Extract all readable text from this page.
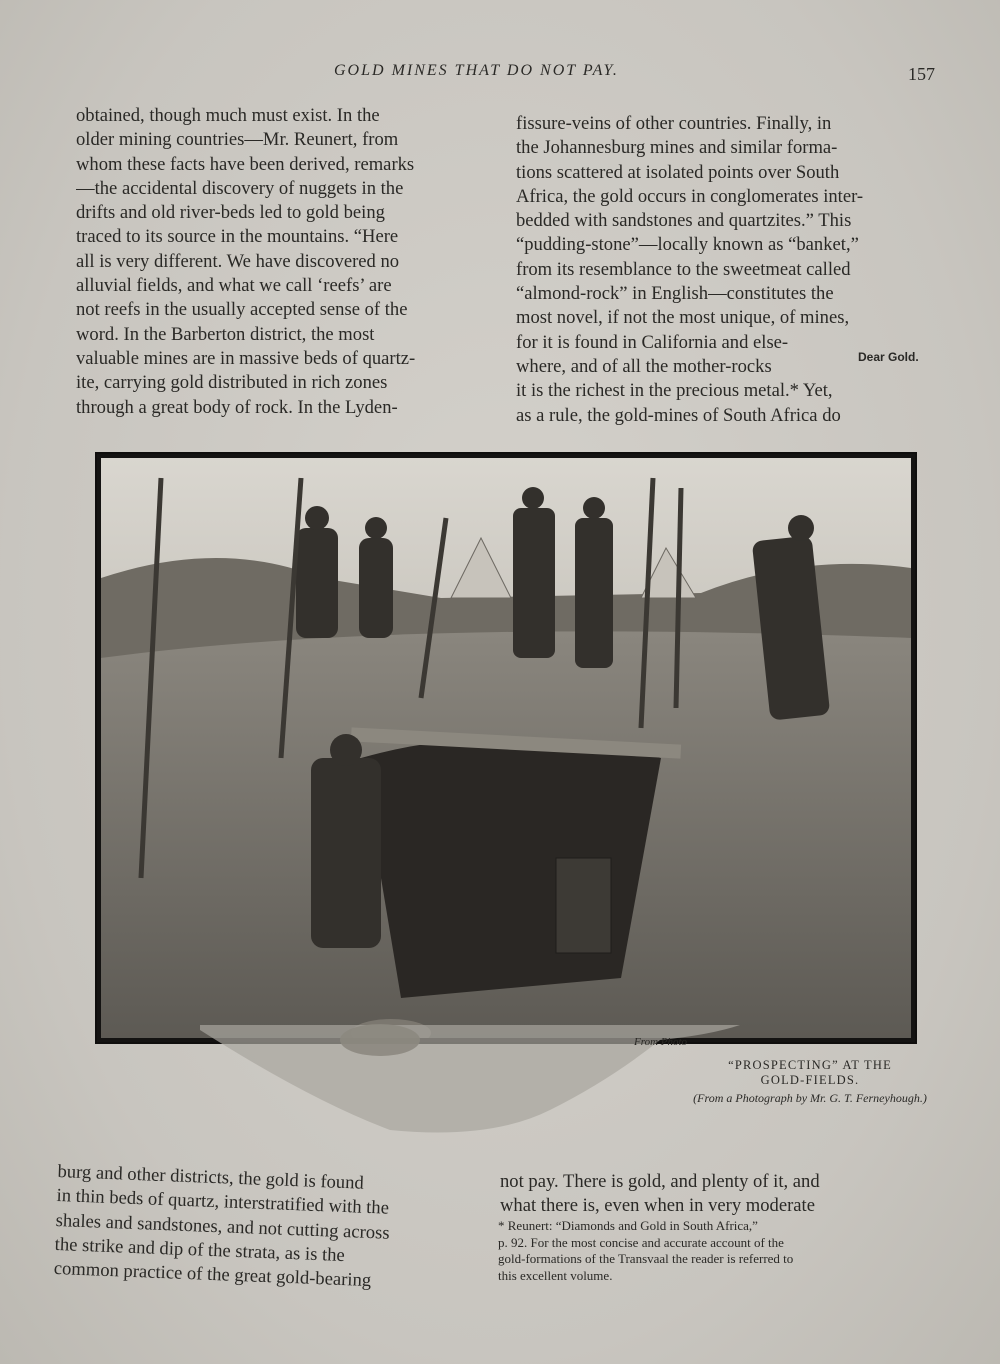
GOLD MINES THAT DO NOT PAY.	157
obtained, though much must exist. In the
older mining countries—Mr. Reunert, from
whom these facts have been derived, remarks
—the accidental discovery of nuggets in the
drifts and old river-beds led to gold being
traced to its source in the mountains. “Here
all is very different. We have discovered no
alluvial fields, and what we call ‘reefs’ are
not reefs in the usually accepted sense of the
word. In the Barberton district, the most
valuable mines are in massive beds of quartz-
ite, carrying gold distributed in rich zones
through a great body of rock. In the Lyden-
fissure-veins of other countries. Finally, in
the Johannesburg mines and similar forma-
tions scattered at isolated points over South
Africa, the gold occurs in conglomerates inter-
bedded with sandstones and quartzites.” This
“pudding-stone”—locally known as “banket,”
from its resemblance to the sweetmeat called
“almond-rock” in English—constitutes the
most novel, if not the most unique, of mines,
for it is found in California and else-
where, and of all the mother-rocks
it is the richest in the precious metal.* Yet,
as a rule, the gold-mines of South Africa do
Dear Gold.
From Photo
“PROSPECTING” AT THE
GOLD-FIELDS.
(From a Photograph by Mr. G. T. Ferneyhough.)
burg and other districts, the gold is found
in thin beds of quartz, interstratified with the
shales and sandstones, and not cutting across
the strike and dip of the strata, as is the
common practice of the great gold-bearing
not pay. There is gold, and plenty of it, and
what there is, even when in very moderate
* Reunert: “Diamonds and Gold in South Africa,”
p. 92. For the most concise and accurate account of the
gold-formations of the Transvaal the reader is referred to
this excellent volume.
